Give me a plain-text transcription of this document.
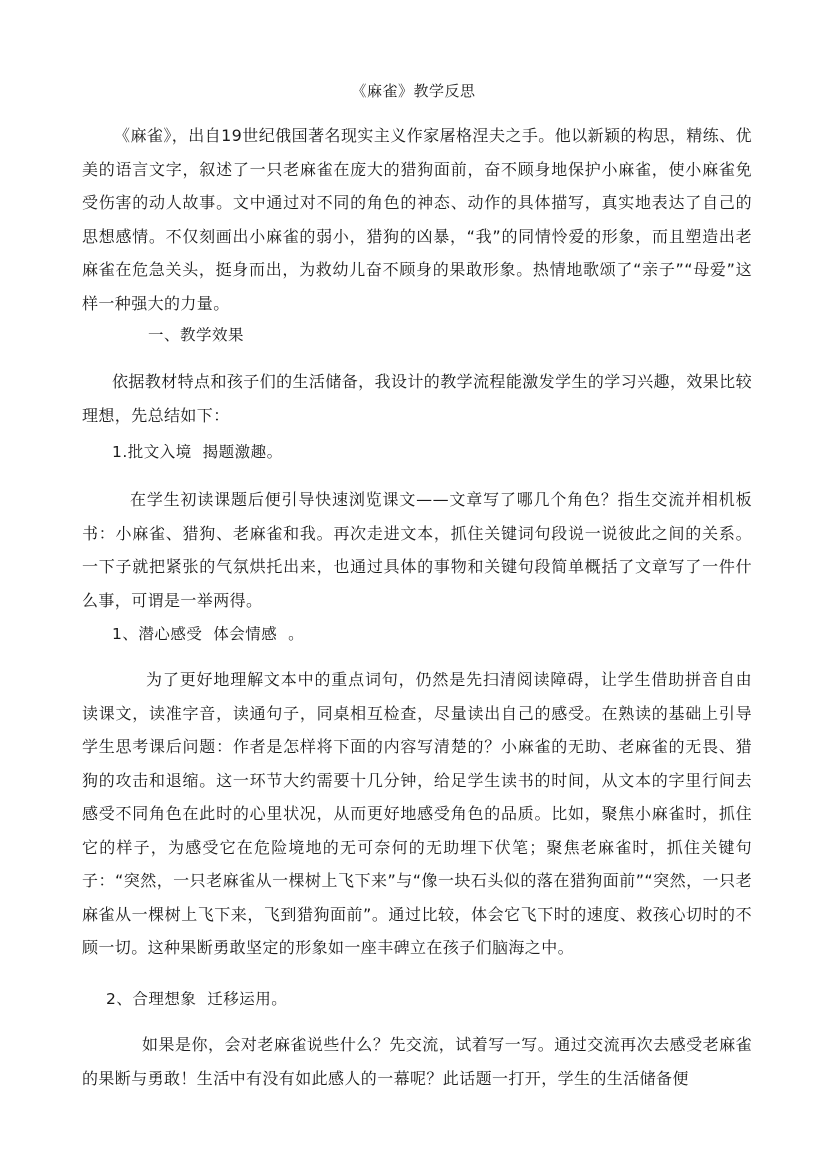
《麻雀》教学反思

《麻雀》，出自19世纪俄国著名现实主义作家屠格涅夫之手。他以新颖的构思，精练、优美的语言文字，叙述了一只老麻雀在庞大的猎狗面前，奋不顾身地保护小麻雀，使小麻雀免受伤害的动人故事。文中通过对不同的角色的神态、动作的具体描写，真实地表达了自己的思想感情。不仅刻画出小麻雀的弱小，猎狗的凶暴，“我”的同情怜爱的形象，而且塑造出老麻雀在危急关头，挺身而出，为救幼儿奋不顾身的果敢形象。热情地歌颂了“亲子”“母爱”这样一种强大的力量。

一、教学效果

依据教材特点和孩子们的生活储备，我设计的教学流程能激发学生的学习兴趣，效果比较理想，先总结如下：

1.批文入境  揭题激趣。

在学生初读课题后便引导快速浏览课文——文章写了哪几个角色？指生交流并相机板书：小麻雀、猎狗、老麻雀和我。再次走进文本，抓住关键词句段说一说彼此之间的关系。一下子就把紧张的气氛烘托出来，也通过具体的事物和关键句段简单概括了文章写了一件什么事，可谓是一举两得。

1、潜心感受  体会情感  。

为了更好地理解文本中的重点词句，仍然是先扫清阅读障碍，让学生借助拼音自由读课文，读准字音，读通句子，同桌相互检查，尽量读出自己的感受。在熟读的基础上引导学生思考课后问题：作者是怎样将下面的内容写清楚的？小麻雀的无助、老麻雀的无畏、猎狗的攻击和退缩。这一环节大约需要十几分钟，给足学生读书的时间，从文本的字里行间去感受不同角色在此时的心里状况，从而更好地感受角色的品质。比如，聚焦小麻雀时，抓住它的样子，为感受它在危险境地的无可奈何的无助埋下伏笔；聚焦老麻雀时，抓住关键句子：“突然，一只老麻雀从一棵树上飞下来”与“像一块石头似的落在猎狗面前”“突然，一只老麻雀从一棵树上飞下来，飞到猎狗面前”。通过比较，体会它飞下时的速度、救孩心切时的不顾一切。这种果断勇敢坚定的形象如一座丰碑立在孩子们脑海之中。

2、合理想象  迁移运用。

如果是你，会对老麻雀说些什么？先交流，试着写一写。通过交流再次去感受老麻雀的果断与勇敢！生活中有没有如此感人的一幕呢？此话题一打开，学生的生活储备便
